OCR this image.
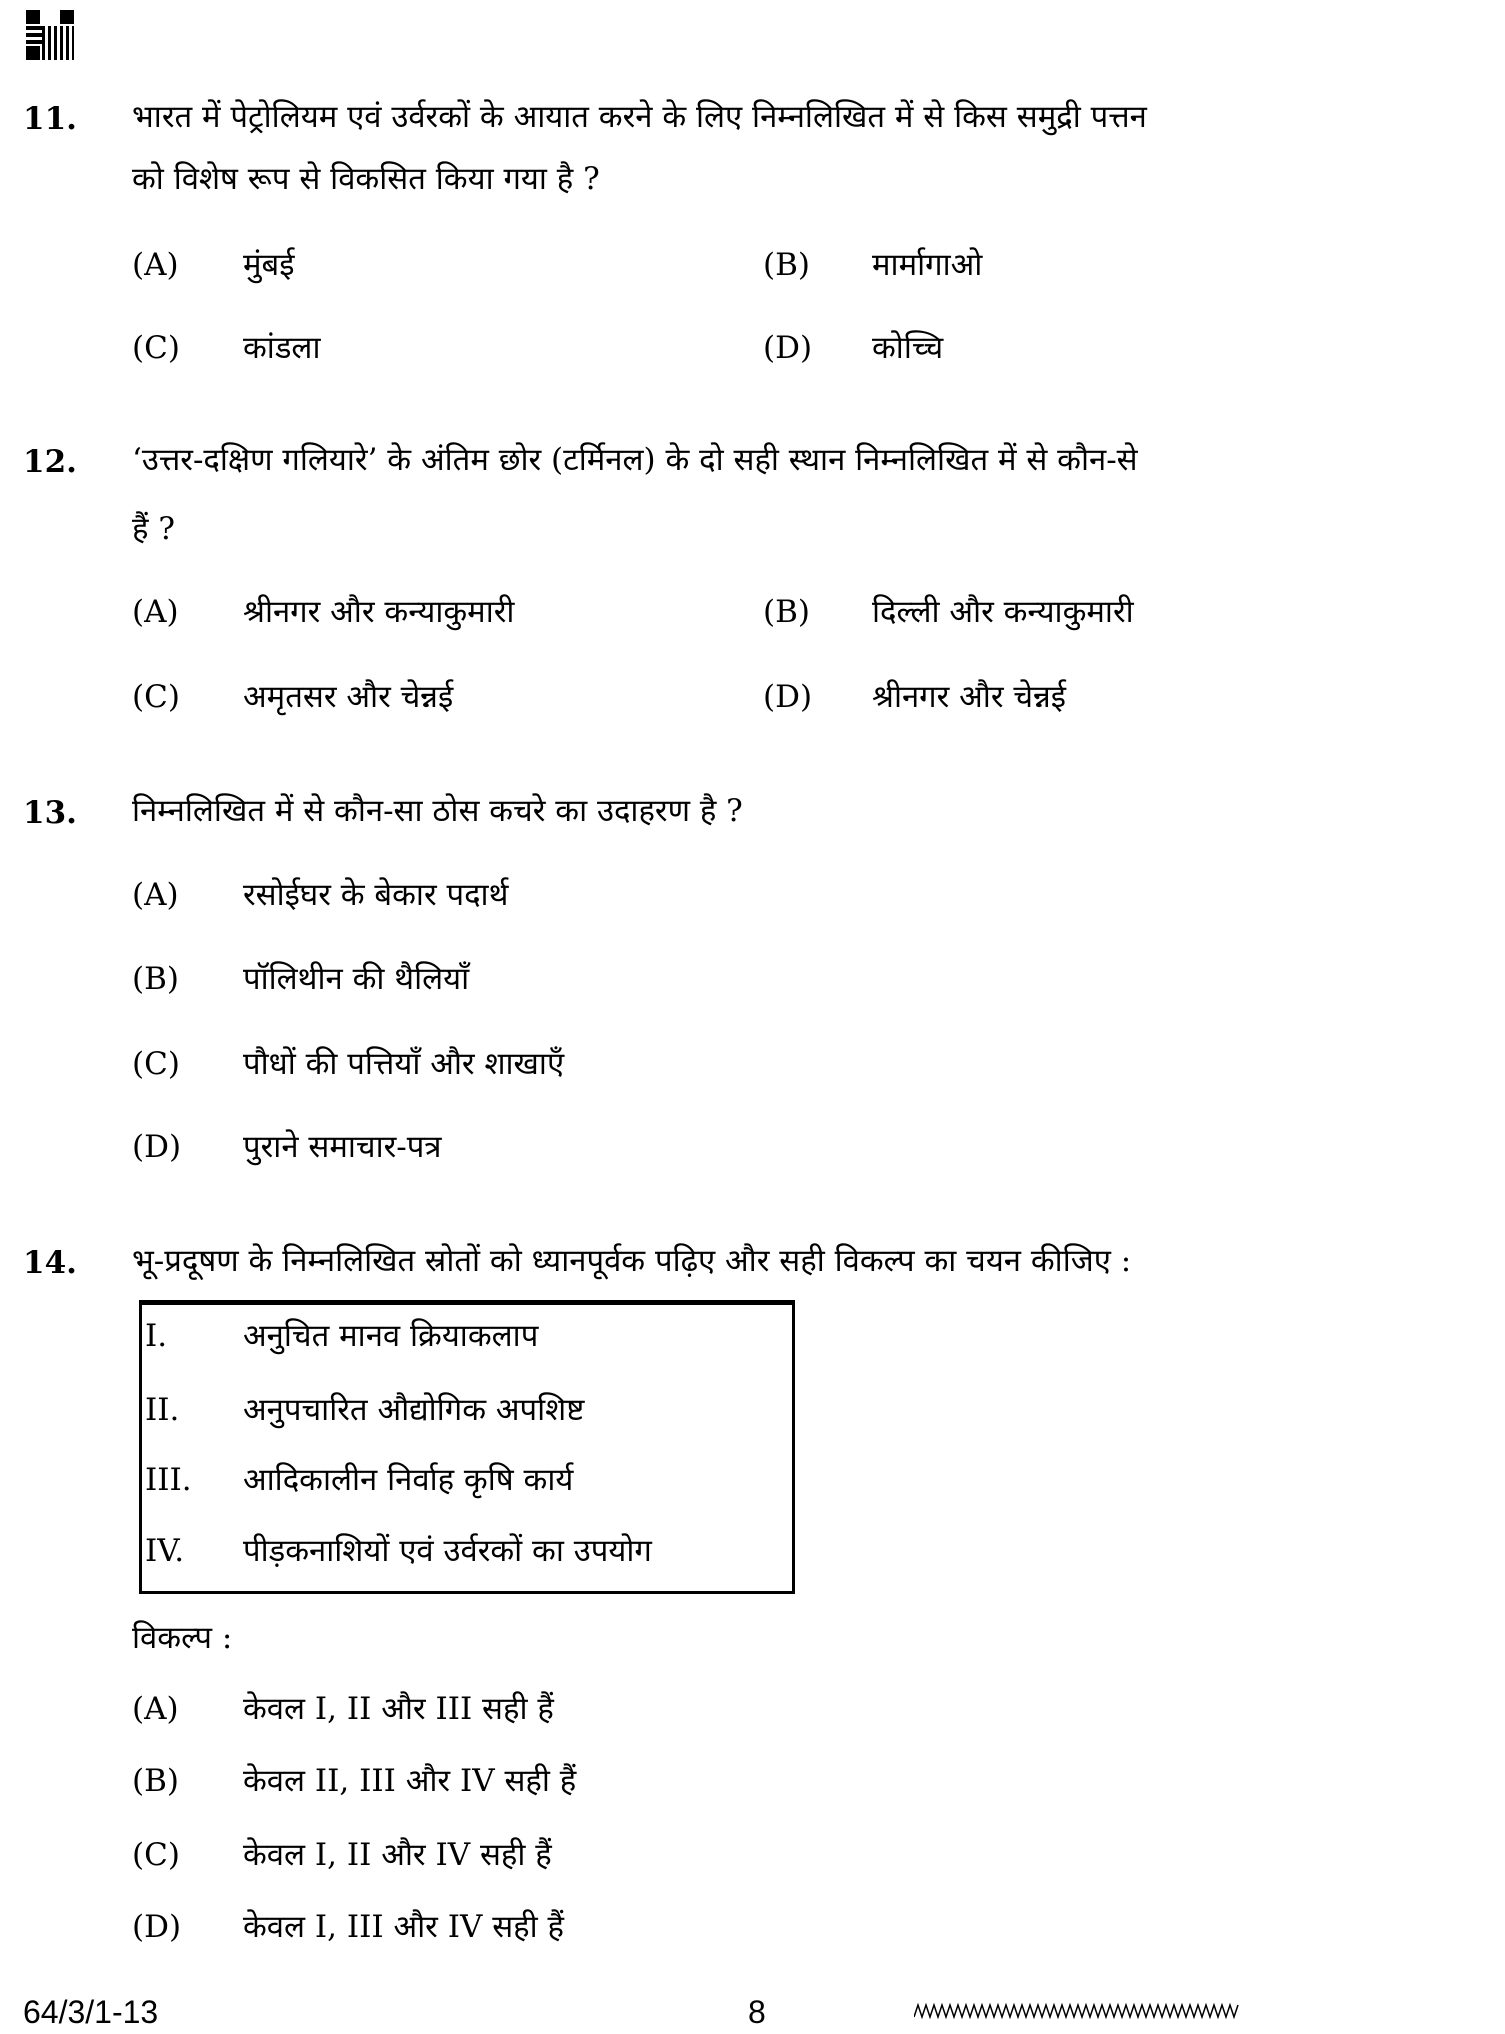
11. भारत में पेट्रोलियम एवं उर्वरकों के आयात करने के लिए निम्नलिखित में से किस समुद्री पत्तन
को विशेष रूप से विकसित किया गया है ?
(A) मुंबई	(B) मार्मागाओ
(C) कांडला	(D) कोच्चि
12. ‘उत्तर-दक्षिण गलियारे’ के अंतिम छोर (टर्मिनल) के दो सही स्थान निम्नलिखित में से कौन-से
हैं ?
(A) श्रीनगर और कन्याकुमारी	(B) दिल्ली और कन्याकुमारी
(C) अमृतसर और चेन्नई	(D) श्रीनगर और चेन्नई
13. निम्नलिखित में से कौन-सा ठोस कचरे का उदाहरण है ?
(A) रसोईघर के बेकार पदार्थ
(B) पॉलिथीन की थैलियाँ
(C) पौधों की पत्तियाँ और शाखाएँ
(D) पुराने समाचार-पत्र
14. भू-प्रदूषण के निम्नलिखित स्रोतों को ध्यानपूर्वक पढ़िए और सही विकल्प का चयन कीजिए :
I. अनुचित मानव क्रियाकलाप
II. अनुपचारित औद्योगिक अपशिष्ट
III. आदिकालीन निर्वाह कृषि कार्य
IV. पीड़कनाशियों एवं उर्वरकों का उपयोग
विकल्प :
(A) केवल I, II और III सही हैं
(B) केवल II, III और IV सही हैं
(C) केवल I, II और IV सही हैं
(D) केवल I, III और IV सही हैं
64/3/1-13	8
